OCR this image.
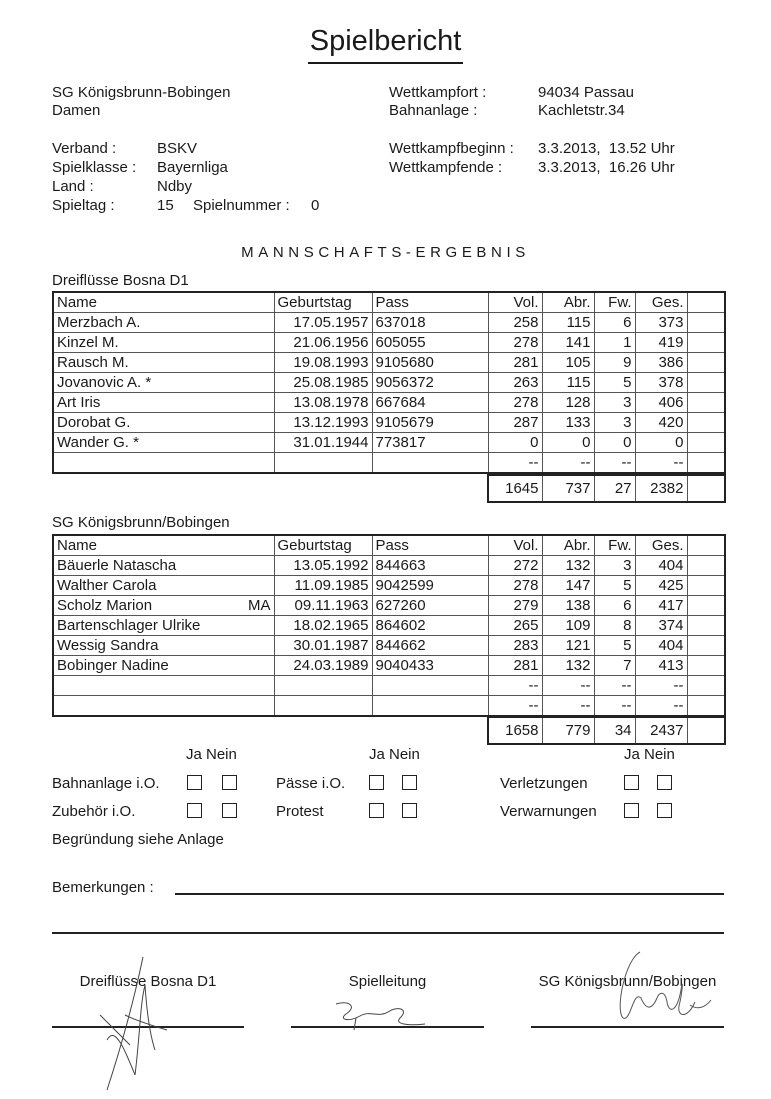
Spielbericht
SG Königsbrunn-Bobingen
Damen
Verband :	BSKV
Spielklasse : Bayernliga
Land :	Ndby
Spieltag :	15 Spielnummer : 0
Wettkampfort :	94034 Passau
Bahnanlage :	Kachletstr.34
Wettkampfbeginn : 3.3.2013,  13.52 Uhr
Wettkampfende : 3.3.2013,  16.26 Uhr
MANNSCHAFTS-ERGEBNIS
Dreiflüsse Bosna D1
Name	Geburtstag	Pass	Vol.	Abr.	Fw.	Ges.	
Merzbach A.	17.05.1957	637018	258	115	6	373	
Kinzel M.	21.06.1956	605055	278	141	1	419	
Rausch M.	19.08.1993	9105680	281	105	9	386	
Jovanovic A. *	25.08.1985	9056372	263	115	5	378	
Art Iris	13.08.1978	667684	278	128	3	406	
Dorobat G.	13.12.1993	9105679	287	133	3	420	
Wander G. *	31.01.1944	773817	0	0	0	0	
			--	--	--	--	
1645	737	27	2382	
SG Königsbrunn/Bobingen
Name	Geburtstag	Pass	Vol.	Abr.	Fw.	Ges.	
Bäuerle Natascha	13.05.1992	844663	272	132	3	404	
Walther Carola	11.09.1985	9042599	278	147	5	425	
Scholz Marion MA	09.11.1963	627260	279	138	6	417	
Bartenschlager Ulrike	18.02.1965	864602	265	109	8	374	
Wessig Sandra	30.01.1987	844662	283	121	5	404	
Bobinger Nadine	24.03.1989	9040433	281	132	7	413	
			--	--	--	--	
			--	--	--	--	
1658	779	34	2437	
Ja Nein	Ja Nein	Ja Nein
Bahnanlage i.O.
Zubehör i.O.
Pässe i.O.
Protest
Verletzungen
Verwarnungen
Begründung siehe Anlage
Bemerkungen :
Dreiflüsse Bosna D1	Spielleitung	SG Königsbrunn/Bobingen
